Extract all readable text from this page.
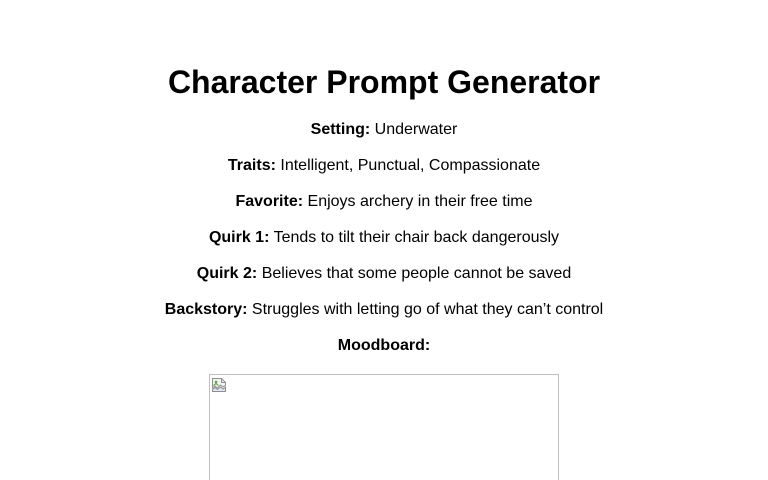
Character Prompt Generator

Setting: Underwater

Traits: Intelligent, Punctual, Compassionate

Favorite: Enjoys archery in their free time

Quirk 1: Tends to tilt their chair back dangerously

Quirk 2: Believes that some people cannot be saved

Backstory: Struggles with letting go of what they can’t control

Moodboard:
